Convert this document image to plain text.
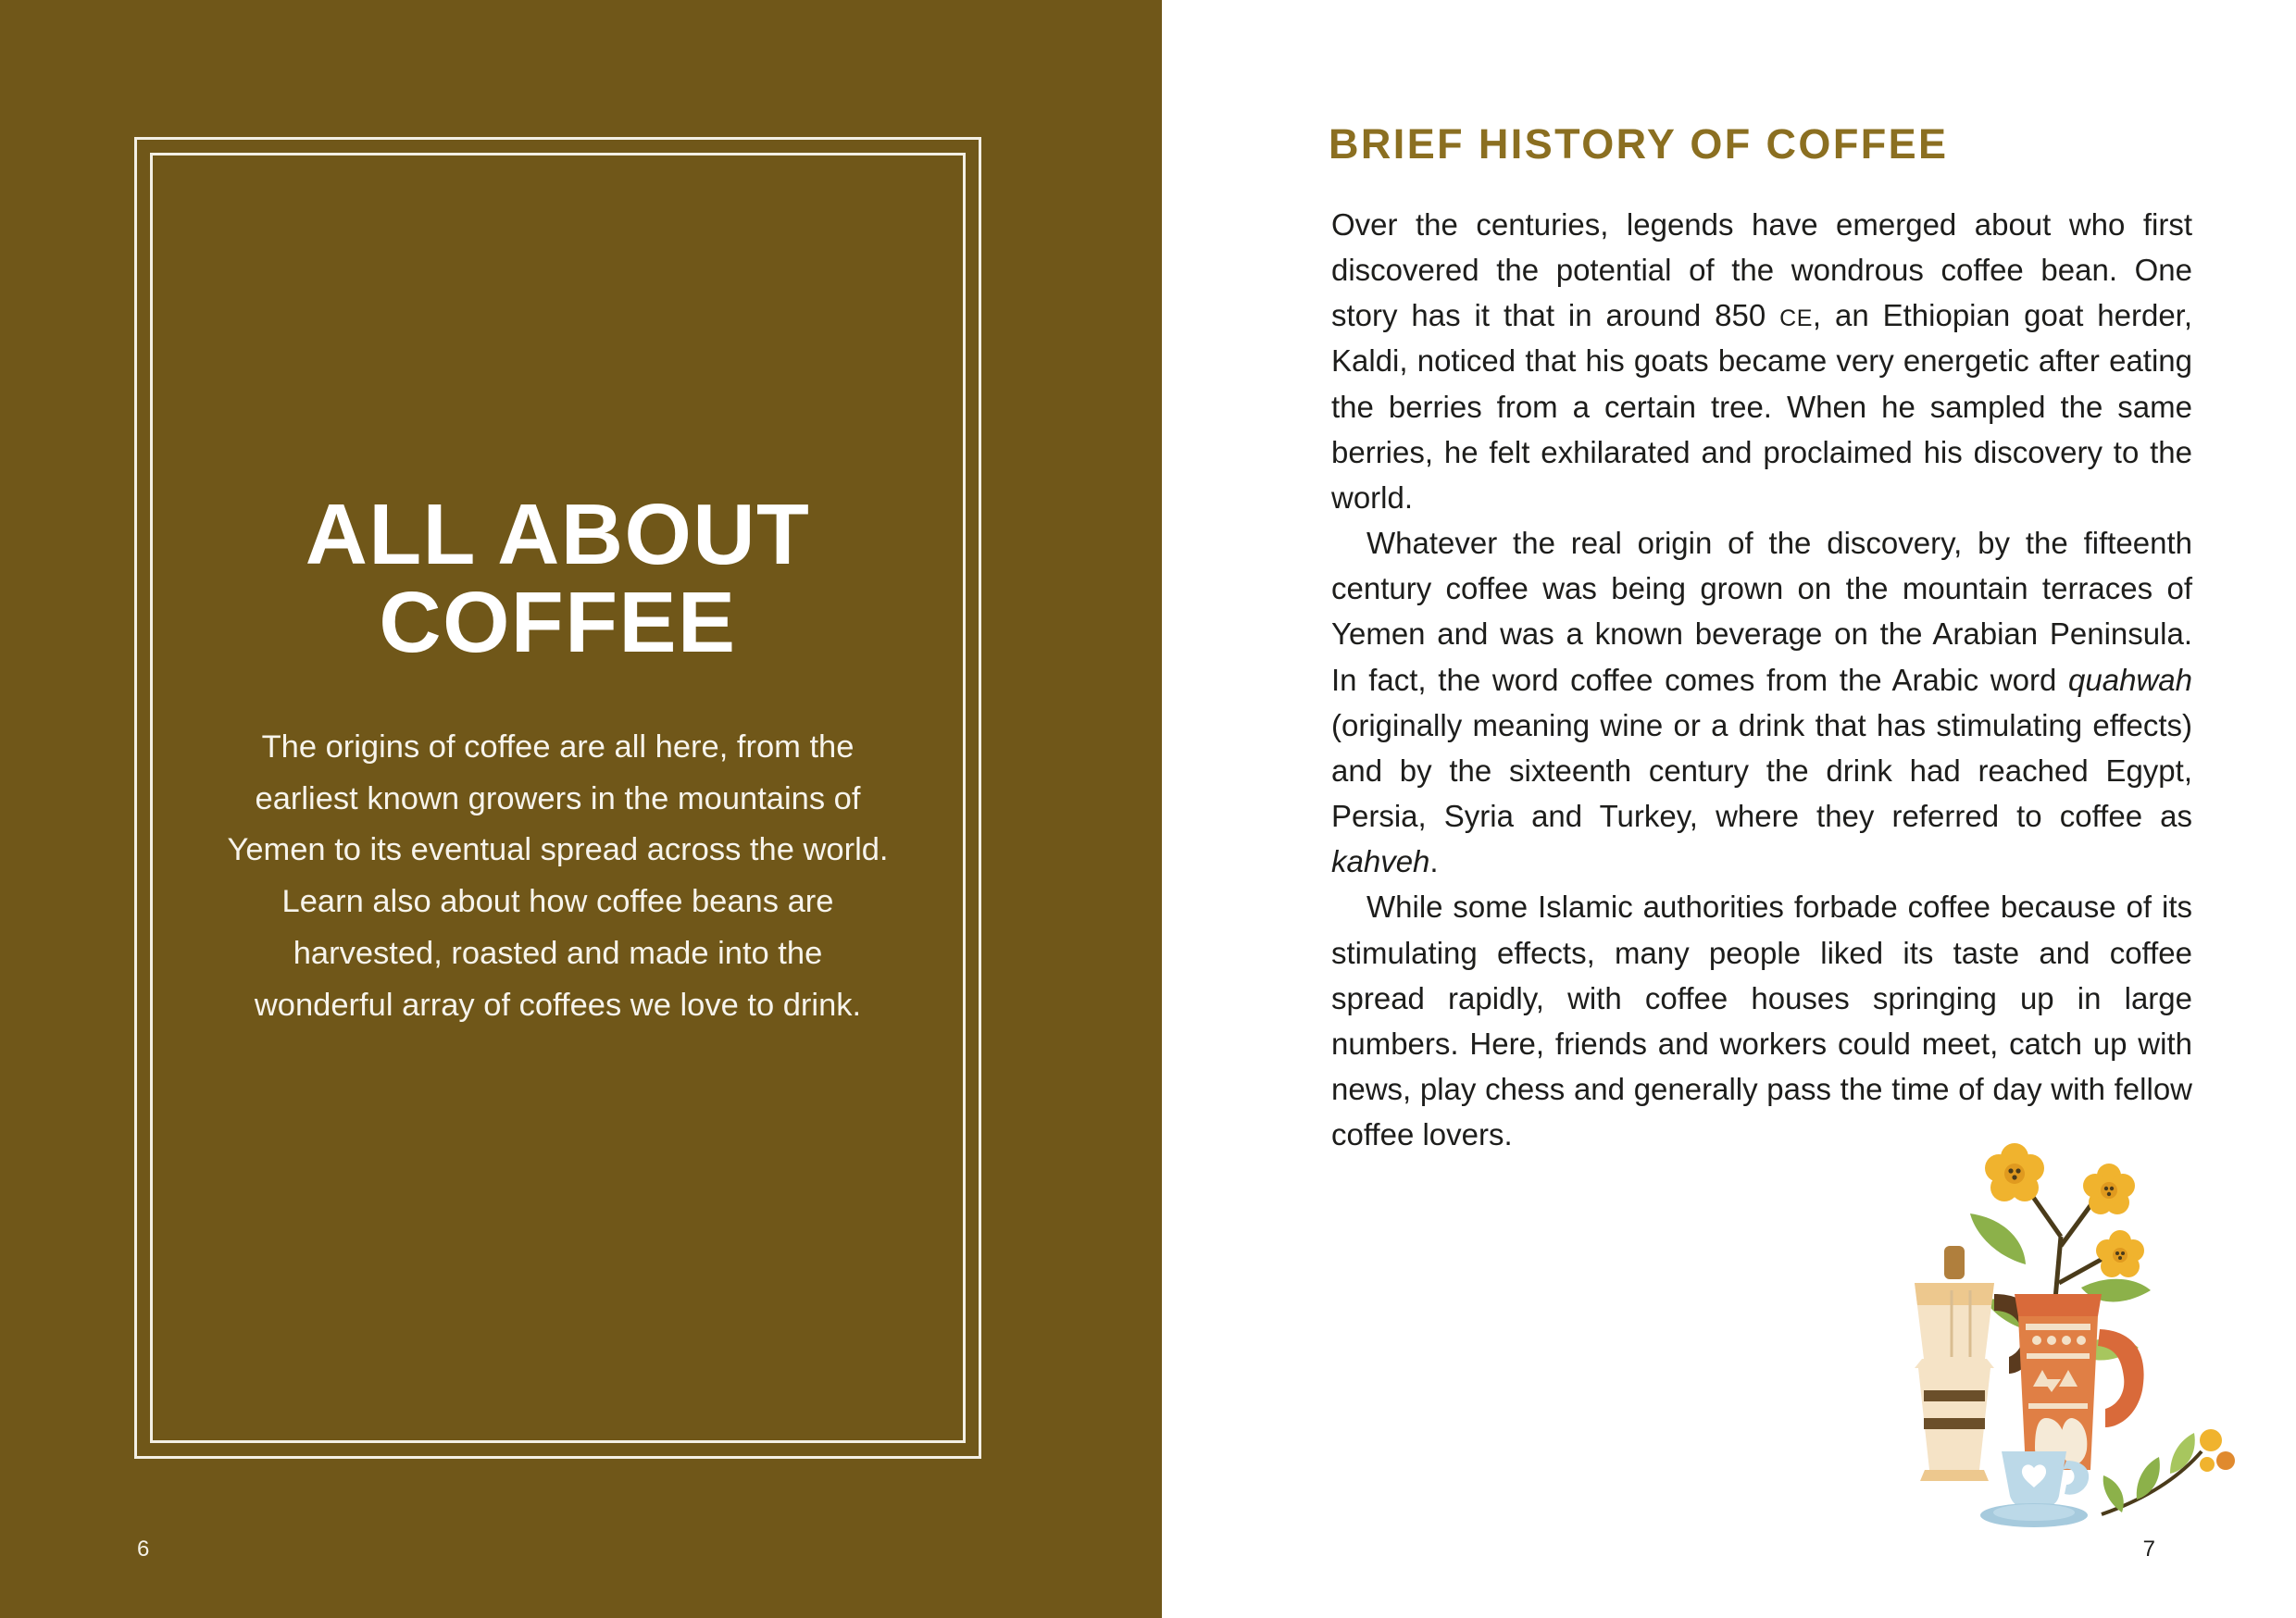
ALL ABOUT
COFFEE

The origins of coffee are all here, from the earliest known growers in the mountains of Yemen to its eventual spread across the world. Learn also about how coffee beans are harvested, roasted and made into the wonderful array of coffees we love to drink.

6
BRIEF HISTORY OF COFFEE

Over the centuries, legends have emerged about who first discovered the potential of the wondrous coffee bean. One story has it that in around 850 CE, an Ethiopian goat herder, Kaldi, noticed that his goats became very energetic after eating the berries from a certain tree. When he sampled the same berries, he felt exhilarated and proclaimed his discovery to the world.

Whatever the real origin of the discovery, by the fifteenth century coffee was being grown on the mountain terraces of Yemen and was a known beverage on the Arabian Peninsula. In fact, the word coffee comes from the Arabic word quahwah (originally meaning wine or a drink that has stimulating effects) and by the sixteenth century the drink had reached Egypt, Persia, Syria and Turkey, where they referred to coffee as kahveh.

While some Islamic authorities forbade coffee because of its stimulating effects, many people liked its taste and coffee spread rapidly, with coffee houses springing up in large numbers. Here, friends and workers could meet, catch up with news, play chess and generally pass the time of day with fellow coffee lovers.

7
